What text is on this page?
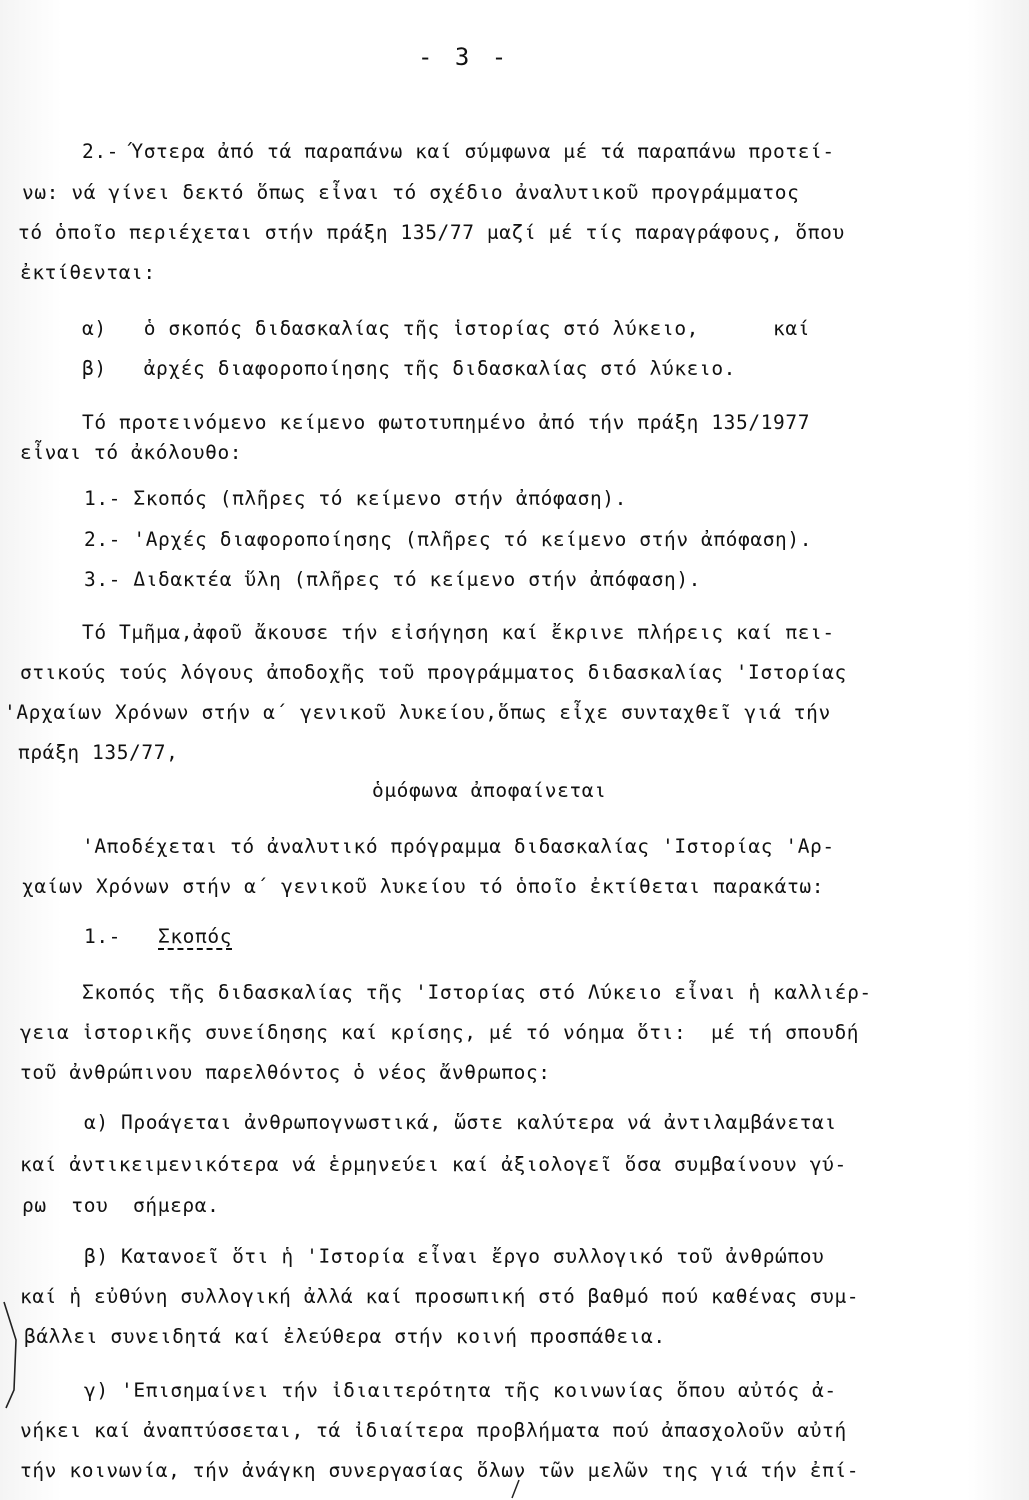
- 3 -
2.- Ύστερα ἀπό τά παραπάνω καί σύμφωνα μέ τά παραπάνω προτεί-
νω: νά γίνει δεκτό ὅπως εἶναι τό σχέδιο ἀναλυτικοῦ προγράμματος
τό ὁποῖο περιέχεται στήν πράξη 135/77 μαζί μέ τίς παραγράφους, ὅπου
ἐκτίθενται:
α)   ὁ σκοπός διδασκαλίας τῆς ἱστορίας στό λύκειο,      καί
β)   ἀρχές διαφοροποίησης τῆς διδασκαλίας στό λύκειο.
Τό προτεινόμενο κείμενο φωτοτυπημένο ἀπό τήν πράξη 135/1977
εἶναι τό ἀκόλουθο:
1.- Σκοπός (πλῆρες τό κείμενο στήν ἀπόφαση).
2.- 'Αρχές διαφοροποίησης (πλῆρες τό κείμενο στήν ἀπόφαση).
3.- Διδακτέα ὕλη (πλῆρες τό κείμενο στήν ἀπόφαση).
Τό Τμῆμα,ἀφοῦ ἄκουσε τήν εἰσήγηση καί ἔκρινε πλήρεις καί πει-
στικούς τούς λόγους ἀποδοχῆς τοῦ προγράμματος διδασκαλίας 'Ιστορίας
'Αρχαίων Χρόνων στήν α΄ γενικοῦ λυκείου,ὅπως εἶχε συνταχθεῖ γιά τήν
πράξη 135/77,
ὁμόφωνα ἀποφαίνεται
'Αποδέχεται τό ἀναλυτικό πρόγραμμα διδασκαλίας 'Ιστορίας 'Αρ-
χαίων Χρόνων στήν α΄ γενικοῦ λυκείου τό ὁποῖο ἐκτίθεται παρακάτω:
1.- Σκοπός
Σκοπός τῆς διδασκαλίας τῆς 'Ιστορίας στό Λύκειο εἶναι ἡ καλλιέρ-
γεια ἱστορικῆς συνείδησης καί κρίσης, μέ τό νόημα ὅτι:  μέ τή σπουδή
τοῦ ἀνθρώπινου παρελθόντος ὁ νέος ἄνθρωπος:
α) Προάγεται ἀνθρωπογνωστικά, ὥστε καλύτερα νά ἀντιλαμβάνεται
καί ἀντικειμενικότερα νά ἑρμηνεύει καί ἀξιολογεῖ ὅσα συμβαίνουν γύ-
ρω  του  σήμερα.
β) Κατανοεῖ ὅτι ἡ 'Ιστορία εἶναι ἔργο συλλογικό τοῦ ἀνθρώπου
καί ἡ εὐθύνη συλλογική ἀλλά καί προσωπική στό βαθμό πού καθένας συμ-
βάλλει συνειδητά καί ἐλεύθερα στήν κοινή προσπάθεια.
γ) 'Επισημαίνει τήν ἰδιαιτερότητα τῆς κοινωνίας ὅπου αὐτός ἀ-
νήκει καί ἀναπτύσσεται, τά ἰδιαίτερα προβλήματα πού ἀπασχολοῦν αὐτή
τήν κοινωνία, τήν ἀνάγκη συνεργασίας ὅλων τῶν μελῶν της γιά τήν ἐπί-
